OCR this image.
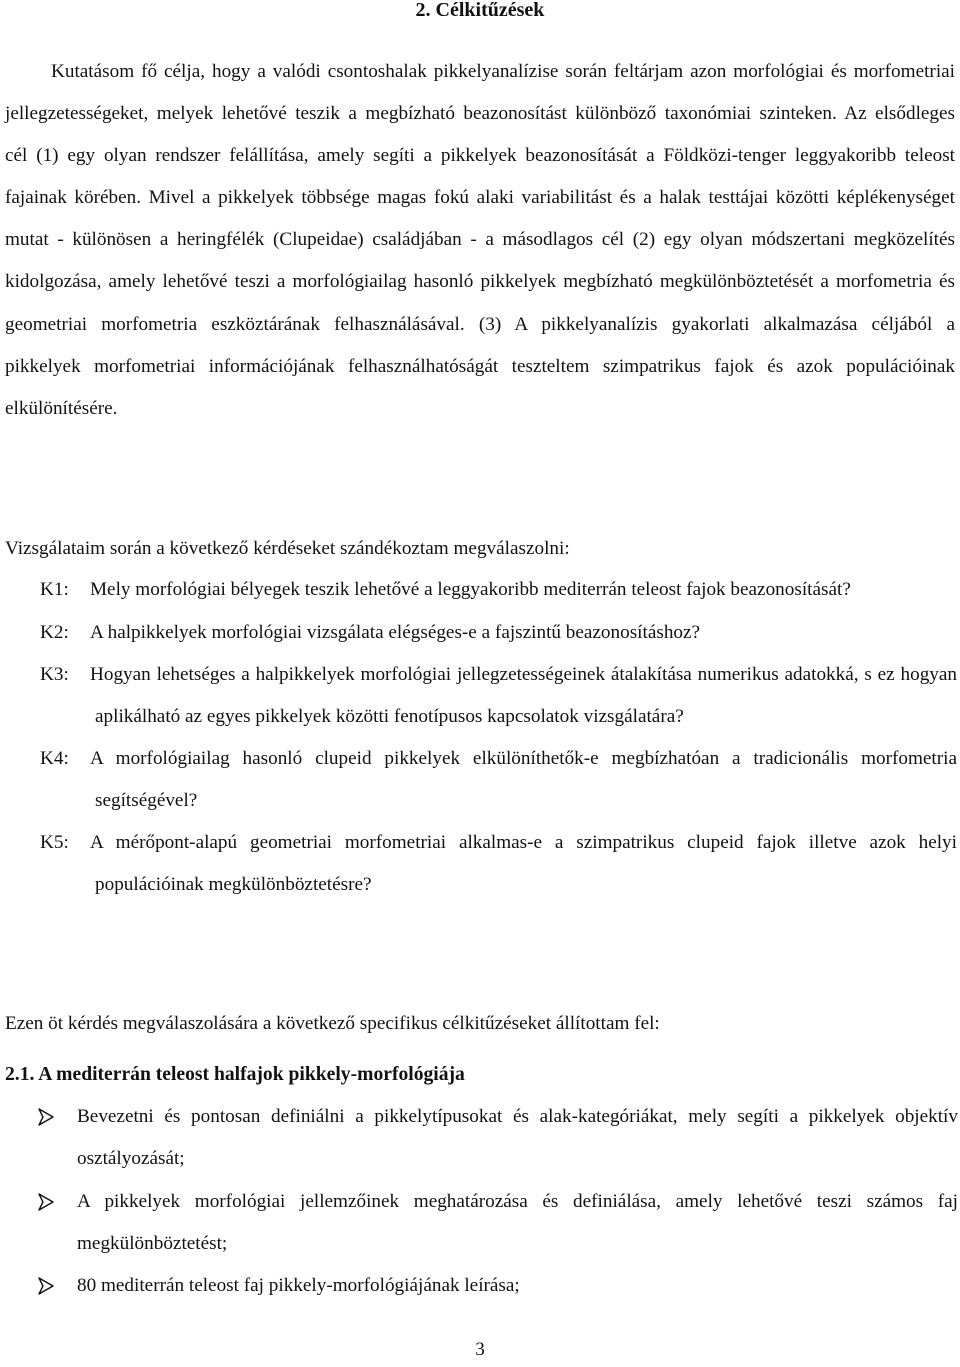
2. Célkitűzések

Kutatásom fő célja, hogy a valódi csontoshalak pikkelyanalízise során feltárjam azon morfológiai és morfometriai jellegzetességeket, melyek lehetővé teszik a megbízható beazonosítást különböző taxonómiai szinteken. Az elsődleges cél (1) egy olyan rendszer felállítása, amely segíti a pikkelyek beazonosítását a Földközi-tenger leggyakoribb teleost fajainak körében. Mivel a pikkelyek többsége magas fokú alaki variabilitást és a halak testtájai közötti képlékenységet mutat - különösen a heringfélék (Clupeidae) családjában - a másodlagos cél (2) egy olyan módszertani megközelítés kidolgozása, amely lehetővé teszi a morfológiailag hasonló pikkelyek megbízható megkülönböztetését a morfometria és geometriai morfometria eszköztárának felhasználásával. (3) A pikkelyanalízis gyakorlati alkalmazása céljából a pikkelyek morfometriai információjának felhasználhatóságát teszteltem szimpatrikus fajok és azok populációinak elkülönítésére.

Vizsgálataim során a következő kérdéseket szándékoztam megválaszolni:

K1: Mely morfológiai bélyegek teszik lehetővé a leggyakoribb mediterrán teleost fajok beazonosítását?
K2: A halpikkelyek morfológiai vizsgálata elégséges-e a fajszintű beazonosításhoz?
K3: Hogyan lehetséges a halpikkelyek morfológiai jellegzetességeinek átalakítása numerikus adatokká, s ez hogyan aplikálható az egyes pikkelyek közötti fenotípusos kapcsolatok vizsgálatára?
K4: A morfológiailag hasonló clupeid pikkelyek elkülöníthetők-e megbízhatóan a tradicionális morfometria segítségével?
K5: A mérőpont-alapú geometriai morfometriai alkalmas-e a szimpatrikus clupeid fajok illetve azok helyi populációinak megkülönböztetésre?

Ezen öt kérdés megválaszolására a következő specifikus célkitűzéseket állítottam fel:

2.1. A mediterrán teleost halfajok pikkely-morfológiája

Bevezetni és pontosan definiálni a pikkelytípusokat és alak-kategóriákat, mely segíti a pikkelyek objektív osztályozását;
A pikkelyek morfológiai jellemzőinek meghatározása és definiálása, amely lehetővé teszi számos faj megkülönböztetést;
80 mediterrán teleost faj pikkely-morfológiájának leírása;
3
